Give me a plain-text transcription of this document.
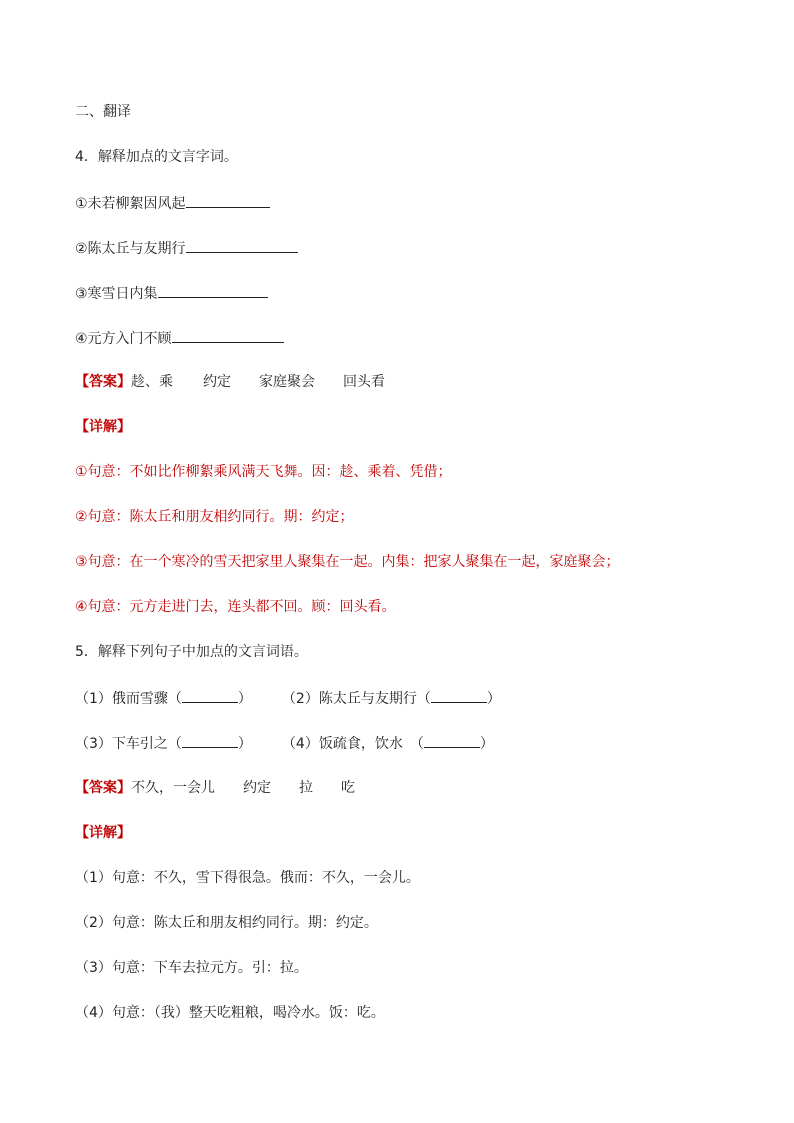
二、翻译
4．解释加点的文言字词。
①未若柳絮因风起
②陈太丘与友期行
③寒雪日内集
④元方入门不顾
【答案】趁、乘 约定 家庭聚会 回头看
【详解】
①句意：不如比作柳絮乘风满天飞舞。因：趁、乘着、凭借；
②句意：陈太丘和朋友相约同行。期：约定；
③句意：在一个寒冷的雪天把家里人聚集在一起。内集：把家人聚集在一起，家庭聚会；
④句意：元方走进门去，连头都不回。顾：回头看。
5．解释下列句子中加点的文言词语。
（1）俄而雪骤（	） （2）陈太丘与友期行（	）
（3）下车引之（	） （4）饭疏食，饮水　（	）
【答案】不久，一会儿 约定 拉 吃
【详解】
（1）句意：不久，雪下得很急。俄而：不久，一会儿。
（2）句意：陈太丘和朋友相约同行。期：约定。
（3）句意：下车去拉元方。引：拉。
（4）句意：（我）整天吃粗粮，喝冷水。饭：吃。
